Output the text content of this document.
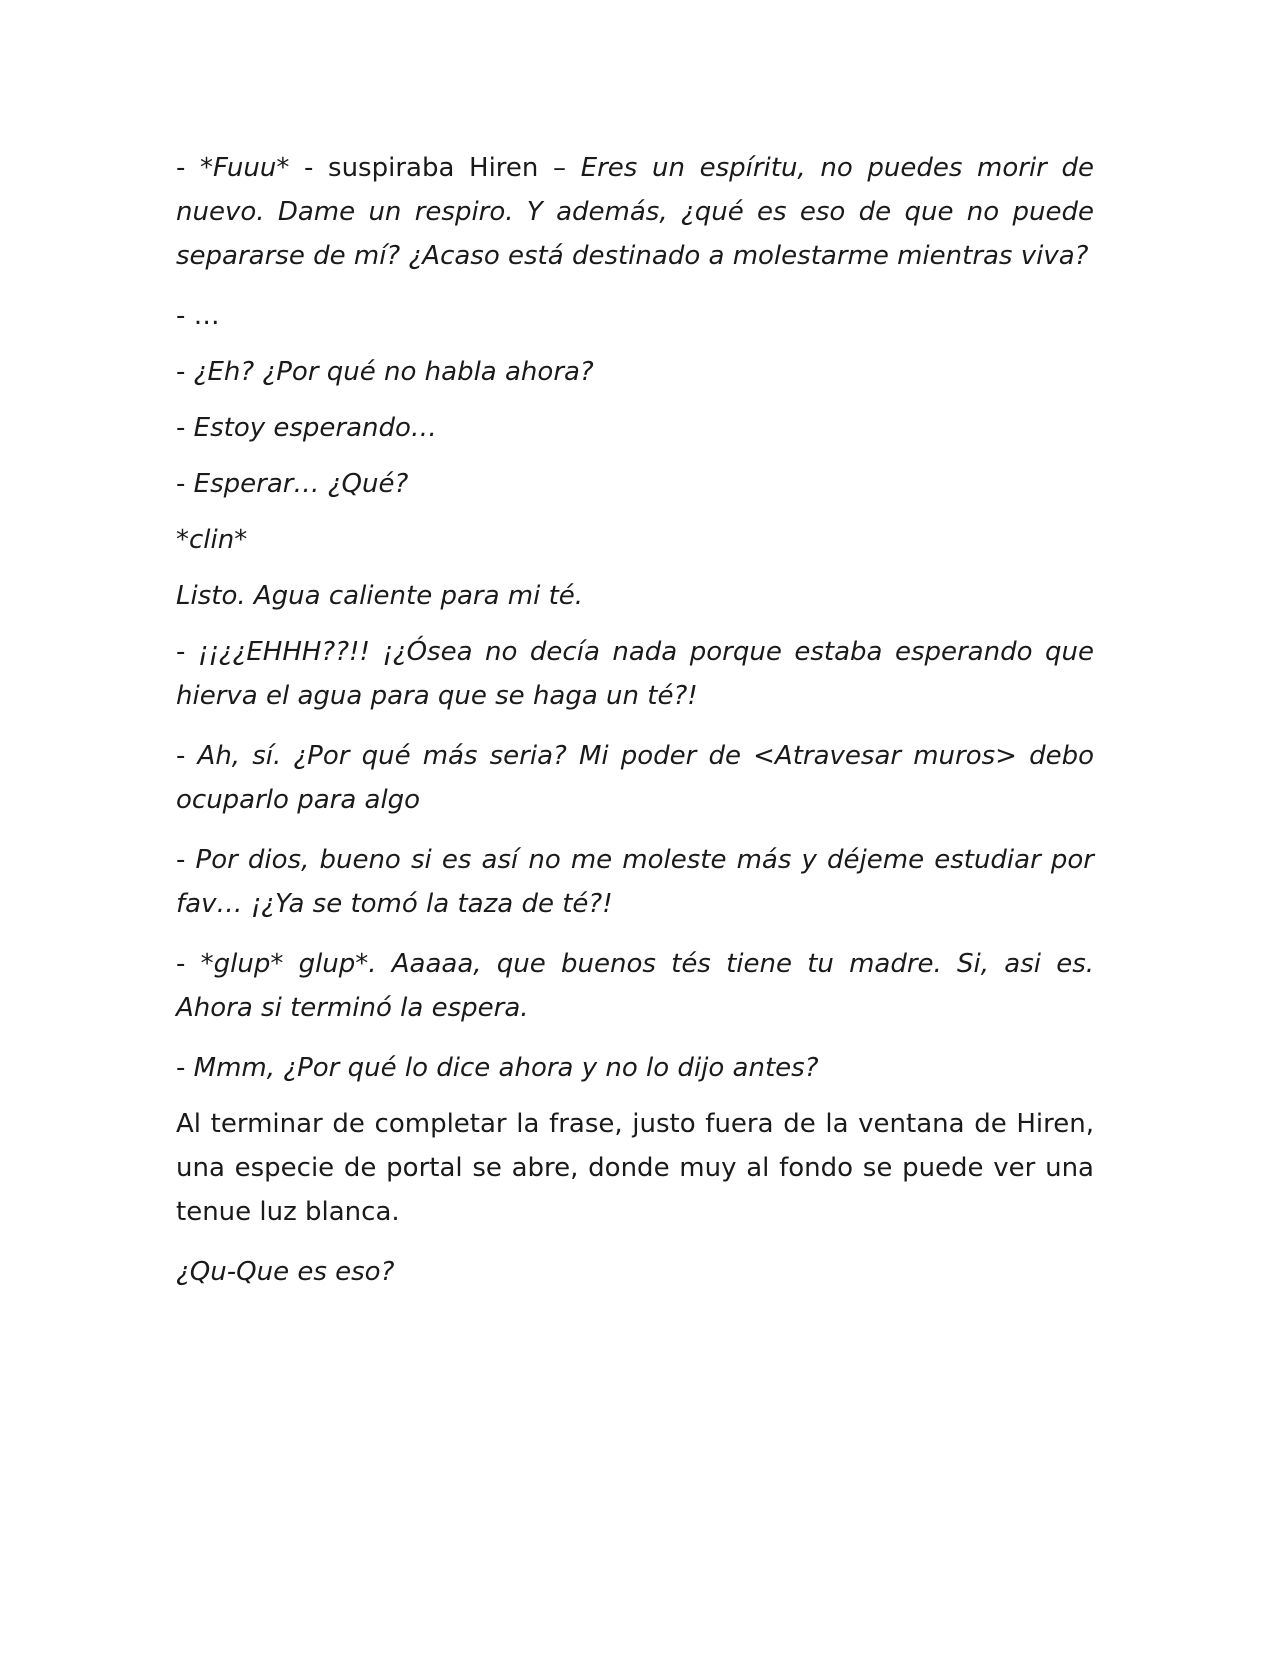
- *Fuuu* - suspiraba Hiren – Eres un espíritu, no puedes morir de nuevo. Dame un respiro. Y además, ¿qué es eso de que no puede separarse de mí? ¿Acaso está destinado a molestarme mientras viva?

- …

- ¿Eh? ¿Por qué no habla ahora?

- Estoy esperando…

- Esperar… ¿Qué?

*clin*

Listo. Agua caliente para mi té.

- ¡¡¿¿EHHH??!! ¡¿Ósea no decía nada porque estaba esperando que hierva el agua para que se haga un té?!

- Ah, sí. ¿Por qué más seria? Mi poder de <Atravesar muros> debo ocuparlo para algo

- Por dios, bueno si es así no me moleste más y déjeme estudiar por fav… ¡¿Ya se tomó la taza de té?!

- *glup* glup*. Aaaaa, que buenos tés tiene tu madre. Si, asi es. Ahora si terminó la espera.

- Mmm, ¿Por qué lo dice ahora y no lo dijo antes?

Al terminar de completar la frase, justo fuera de la ventana de Hiren, una especie de portal se abre, donde muy al fondo se puede ver una tenue luz blanca.

¿Qu-Que es eso?
